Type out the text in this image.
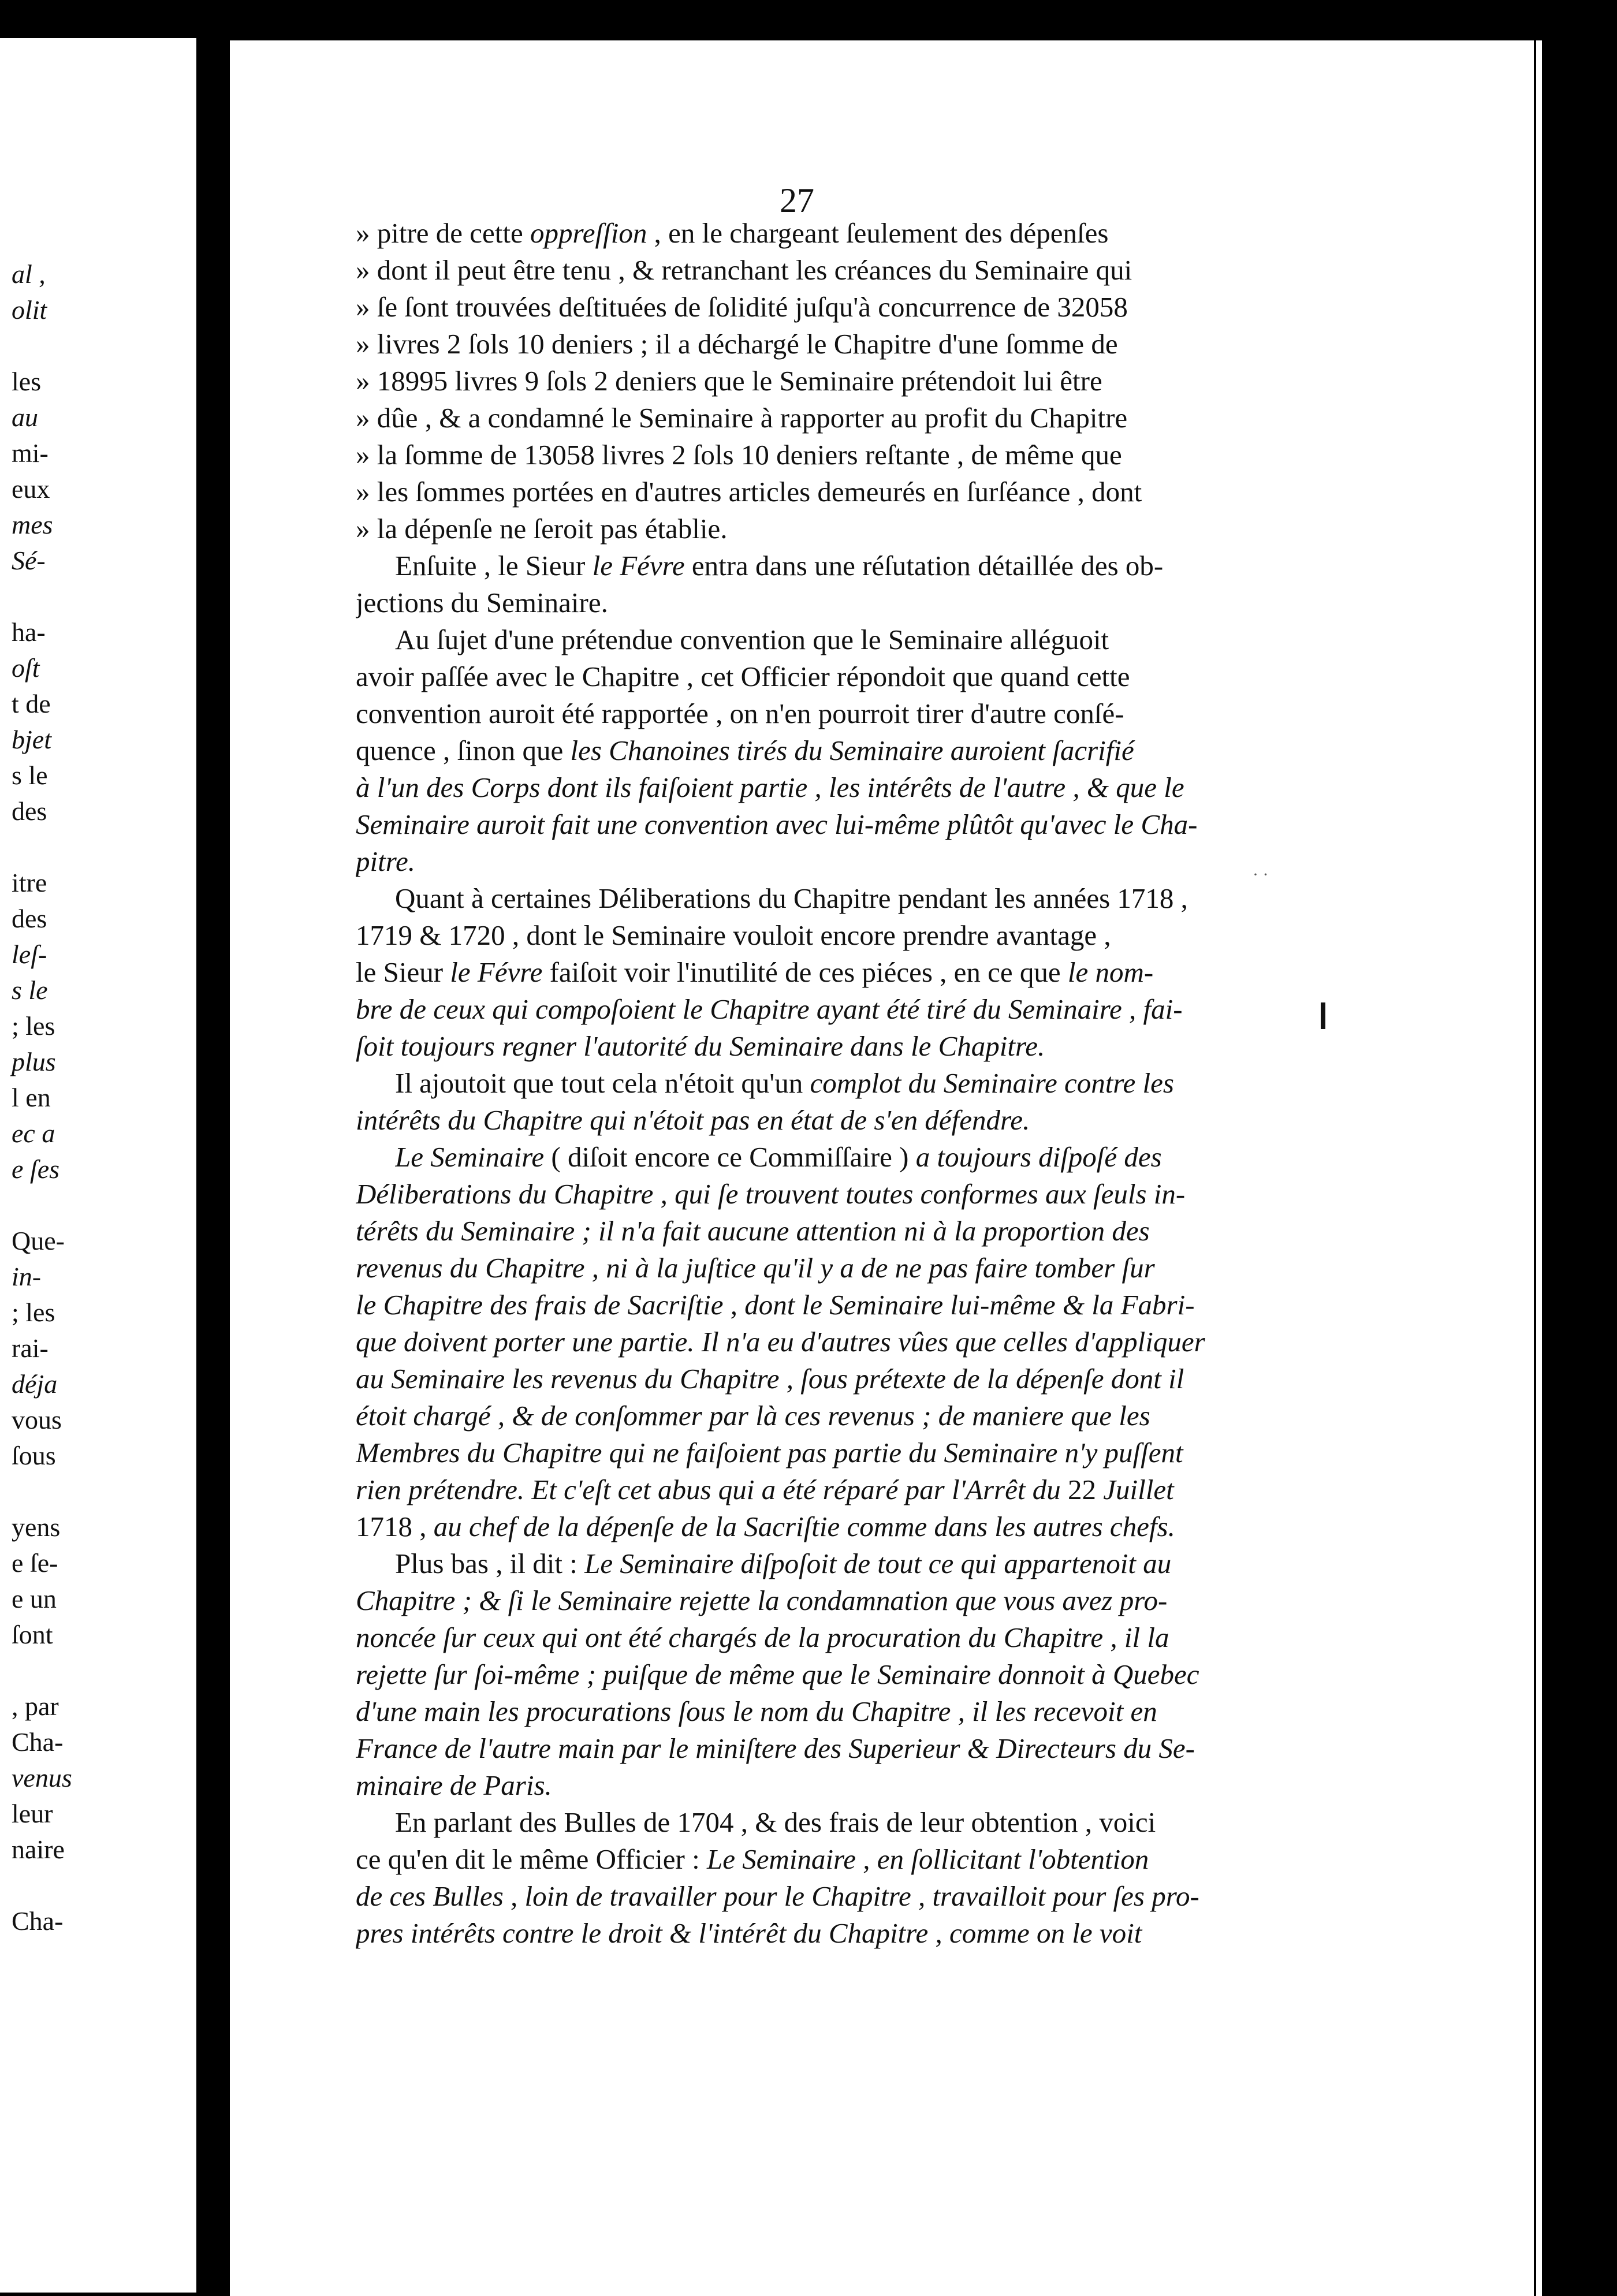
al ,
olit
les
au
mi-
eux
mes
Sé-
ha-
oſt
t de
bjet
s le
des
itre
des
leſ-
s le
; les
plus
l en
ec a
e ſes
Que-
in-
; les
rai-
déja
vous
ſous
yens
e ſe-
e un
ſont
, par
Cha-
venus
leur
naire
Cha-
27
» pitre de cette oppreſſion , en le chargeant ſeulement des dépenſes
» dont il peut être tenu , & retranchant les créances du Seminaire qui
» ſe ſont trouvées deſtituées de ſolidité juſqu'à concurrence de 32058
» livres 2 ſols 10 deniers ; il a déchargé le Chapitre d'une ſomme de
» 18995 livres 9 ſols 2 deniers que le Seminaire prétendoit lui être
» dûe , & a condamné le Seminaire à rapporter au profit du Chapitre
» la ſomme de 13058 livres 2 ſols 10 deniers reſtante , de même que
» les ſommes portées en d'autres articles demeurés en ſurſéance , dont
» la dépenſe ne ſeroit pas établie.
Enſuite , le Sieur le Févre entra dans une réſutation détaillée des ob-
jections du Seminaire.
Au ſujet d'une prétendue convention que le Seminaire alléguoit
avoir paſſée avec le Chapitre , cet Officier répondoit que quand cette
convention auroit été rapportée , on n'en pourroit tirer d'autre conſé-
quence , ſinon que les Chanoines tirés du Seminaire auroient ſacrifié
à l'un des Corps dont ils faiſoient partie , les intérêts de l'autre , & que le
Seminaire auroit fait une convention avec lui-même plûtôt qu'avec le Cha-
pitre.
Quant à certaines Déliberations du Chapitre pendant les années 1718 ,
1719 & 1720 , dont le Seminaire vouloit encore prendre avantage ,
le Sieur le Févre faiſoit voir l'inutilité de ces piéces , en ce que le nom-
bre de ceux qui compoſoient le Chapitre ayant été tiré du Seminaire , fai-
ſoit toujours regner l'autorité du Seminaire dans le Chapitre.
Il ajoutoit que tout cela n'étoit qu'un complot du Seminaire contre les
intérêts du Chapitre qui n'étoit pas en état de s'en défendre.
Le Seminaire ( diſoit encore ce Commiſſaire ) a toujours diſpoſé des
Déliberations du Chapitre , qui ſe trouvent toutes conformes aux ſeuls in-
térêts du Seminaire ; il n'a fait aucune attention ni à la proportion des
revenus du Chapitre , ni à la juſtice qu'il y a de ne pas faire tomber ſur
le Chapitre des frais de Sacriſtie , dont le Seminaire lui-même & la Fabri-
que doivent porter une partie. Il n'a eu d'autres vûes que celles d'appliquer
au Seminaire les revenus du Chapitre , ſous prétexte de la dépenſe dont il
étoit chargé , & de conſommer par là ces revenus ; de maniere que les
Membres du Chapitre qui ne faiſoient pas partie du Seminaire n'y puſſent
rien prétendre. Et c'eſt cet abus qui a été réparé par l'Arrêt du 22 Juillet
1718 , au chef de la dépenſe de la Sacriſtie comme dans les autres chefs.
Plus bas , il dit : Le Seminaire diſpoſoit de tout ce qui appartenoit au
Chapitre ; & ſi le Seminaire rejette la condamnation que vous avez pro-
noncée ſur ceux qui ont été chargés de la procuration du Chapitre , il la
rejette ſur ſoi-même ; puiſque de même que le Seminaire donnoit à Quebec
d'une main les procurations ſous le nom du Chapitre , il les recevoit en
France de l'autre main par le miniſtere des Superieur & Directeurs du Se-
minaire de Paris.
En parlant des Bulles de 1704 , & des frais de leur obtention , voici
ce qu'en dit le même Officier : Le Seminaire , en ſollicitant l'obtention
de ces Bulles , loin de travailler pour le Chapitre , travailloit pour ſes pro-
pres intérêts contre le droit & l'intérêt du Chapitre , comme on le voit
· ·
